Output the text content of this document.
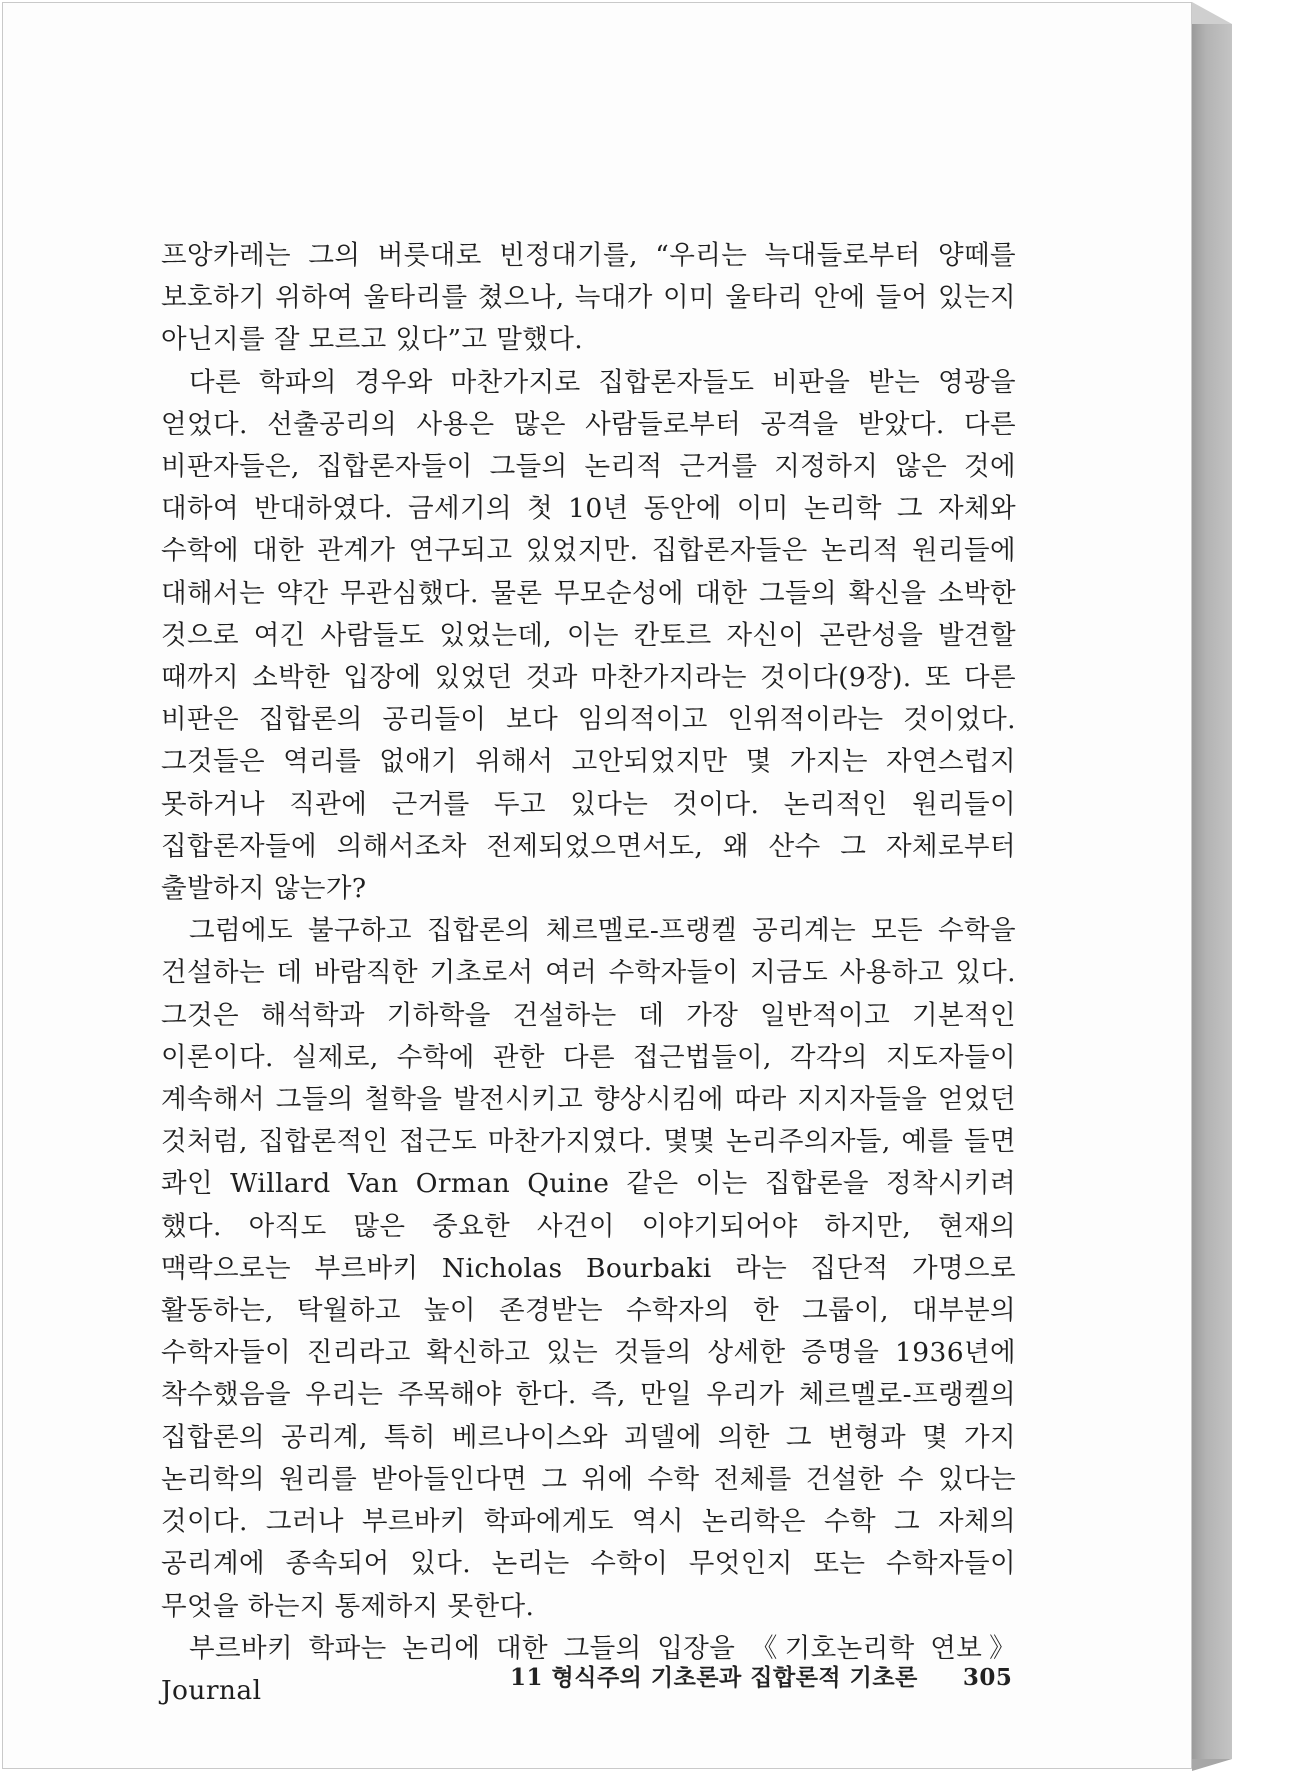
프앙카레는 그의 버릇대로 빈정대기를, “우리는 늑대들로부터 양떼를 보호하기 위하여 울타리를 쳤으나, 늑대가 이미 울타리 안에 들어 있는지 아닌지를 잘 모르고 있다”고 말했다.

다른 학파의 경우와 마찬가지로 집합론자들도 비판을 받는 영광을 얻었다. 선출공리의 사용은 많은 사람들로부터 공격을 받았다. 다른 비판자들은, 집합론자들이 그들의 논리적 근거를 지정하지 않은 것에 대하여 반대하였다. 금세기의 첫 10년 동안에 이미 논리학 그 자체와 수학에 대한 관계가 연구되고 있었지만. 집합론자들은 논리적 원리들에 대해서는 약간 무관심했다. 물론 무모순성에 대한 그들의 확신을 소박한 것으로 여긴 사람들도 있었는데, 이는 칸토르 자신이 곤란성을 발견할 때까지 소박한 입장에 있었던 것과 마찬가지라는 것이다(9장). 또 다른 비판은 집합론의 공리들이 보다 임의적이고 인위적이라는 것이었다. 그것들은 역리를 없애기 위해서 고안되었지만 몇 가지는 자연스럽지 못하거나 직관에 근거를 두고 있다는 것이다. 논리적인 원리들이 집합론자들에 의해서조차 전제되었으면서도, 왜 산수 그 자체로부터 출발하지 않는가?

그럼에도 불구하고 집합론의 체르멜로-프랭켈 공리계는 모든 수학을 건설하는 데 바람직한 기초로서 여러 수학자들이 지금도 사용하고 있다. 그것은 해석학과 기하학을 건설하는 데 가장 일반적이고 기본적인 이론이다. 실제로, 수학에 관한 다른 접근법들이, 각각의 지도자들이 계속해서 그들의 철학을 발전시키고 향상시킴에 따라 지지자들을 얻었던 것처럼, 집합론적인 접근도 마찬가지였다. 몇몇 논리주의자들, 예를 들면 콰인 Willard Van Orman Quine 같은 이는 집합론을 정착시키려 했다. 아직도 많은 중요한 사건이 이야기되어야 하지만, 현재의 맥락으로는 부르바키 Nicholas Bourbaki 라는 집단적 가명으로 활동하는, 탁월하고 높이 존경받는 수학자의 한 그룹이, 대부분의 수학자들이 진리라고 확신하고 있는 것들의 상세한 증명을 1936년에 착수했음을 우리는 주목해야 한다. 즉, 만일 우리가 체르멜로-프랭켈의 집합론의 공리계, 특히 베르나이스와 괴델에 의한 그 변형과 몇 가지 논리학의 원리를 받아들인다면 그 위에 수학 전체를 건설한 수 있다는 것이다. 그러나 부르바키 학파에게도 역시 논리학은 수학 그 자체의 공리계에 종속되어 있다. 논리는 수학이 무엇인지 또는 수학자들이 무엇을 하는지 통제하지 못한다.

부르바키 학파는 논리에 대한 그들의 입장을 《기호논리학 연보》 Journal	11 형식주의 기초론과 집합론적 기초론 305
